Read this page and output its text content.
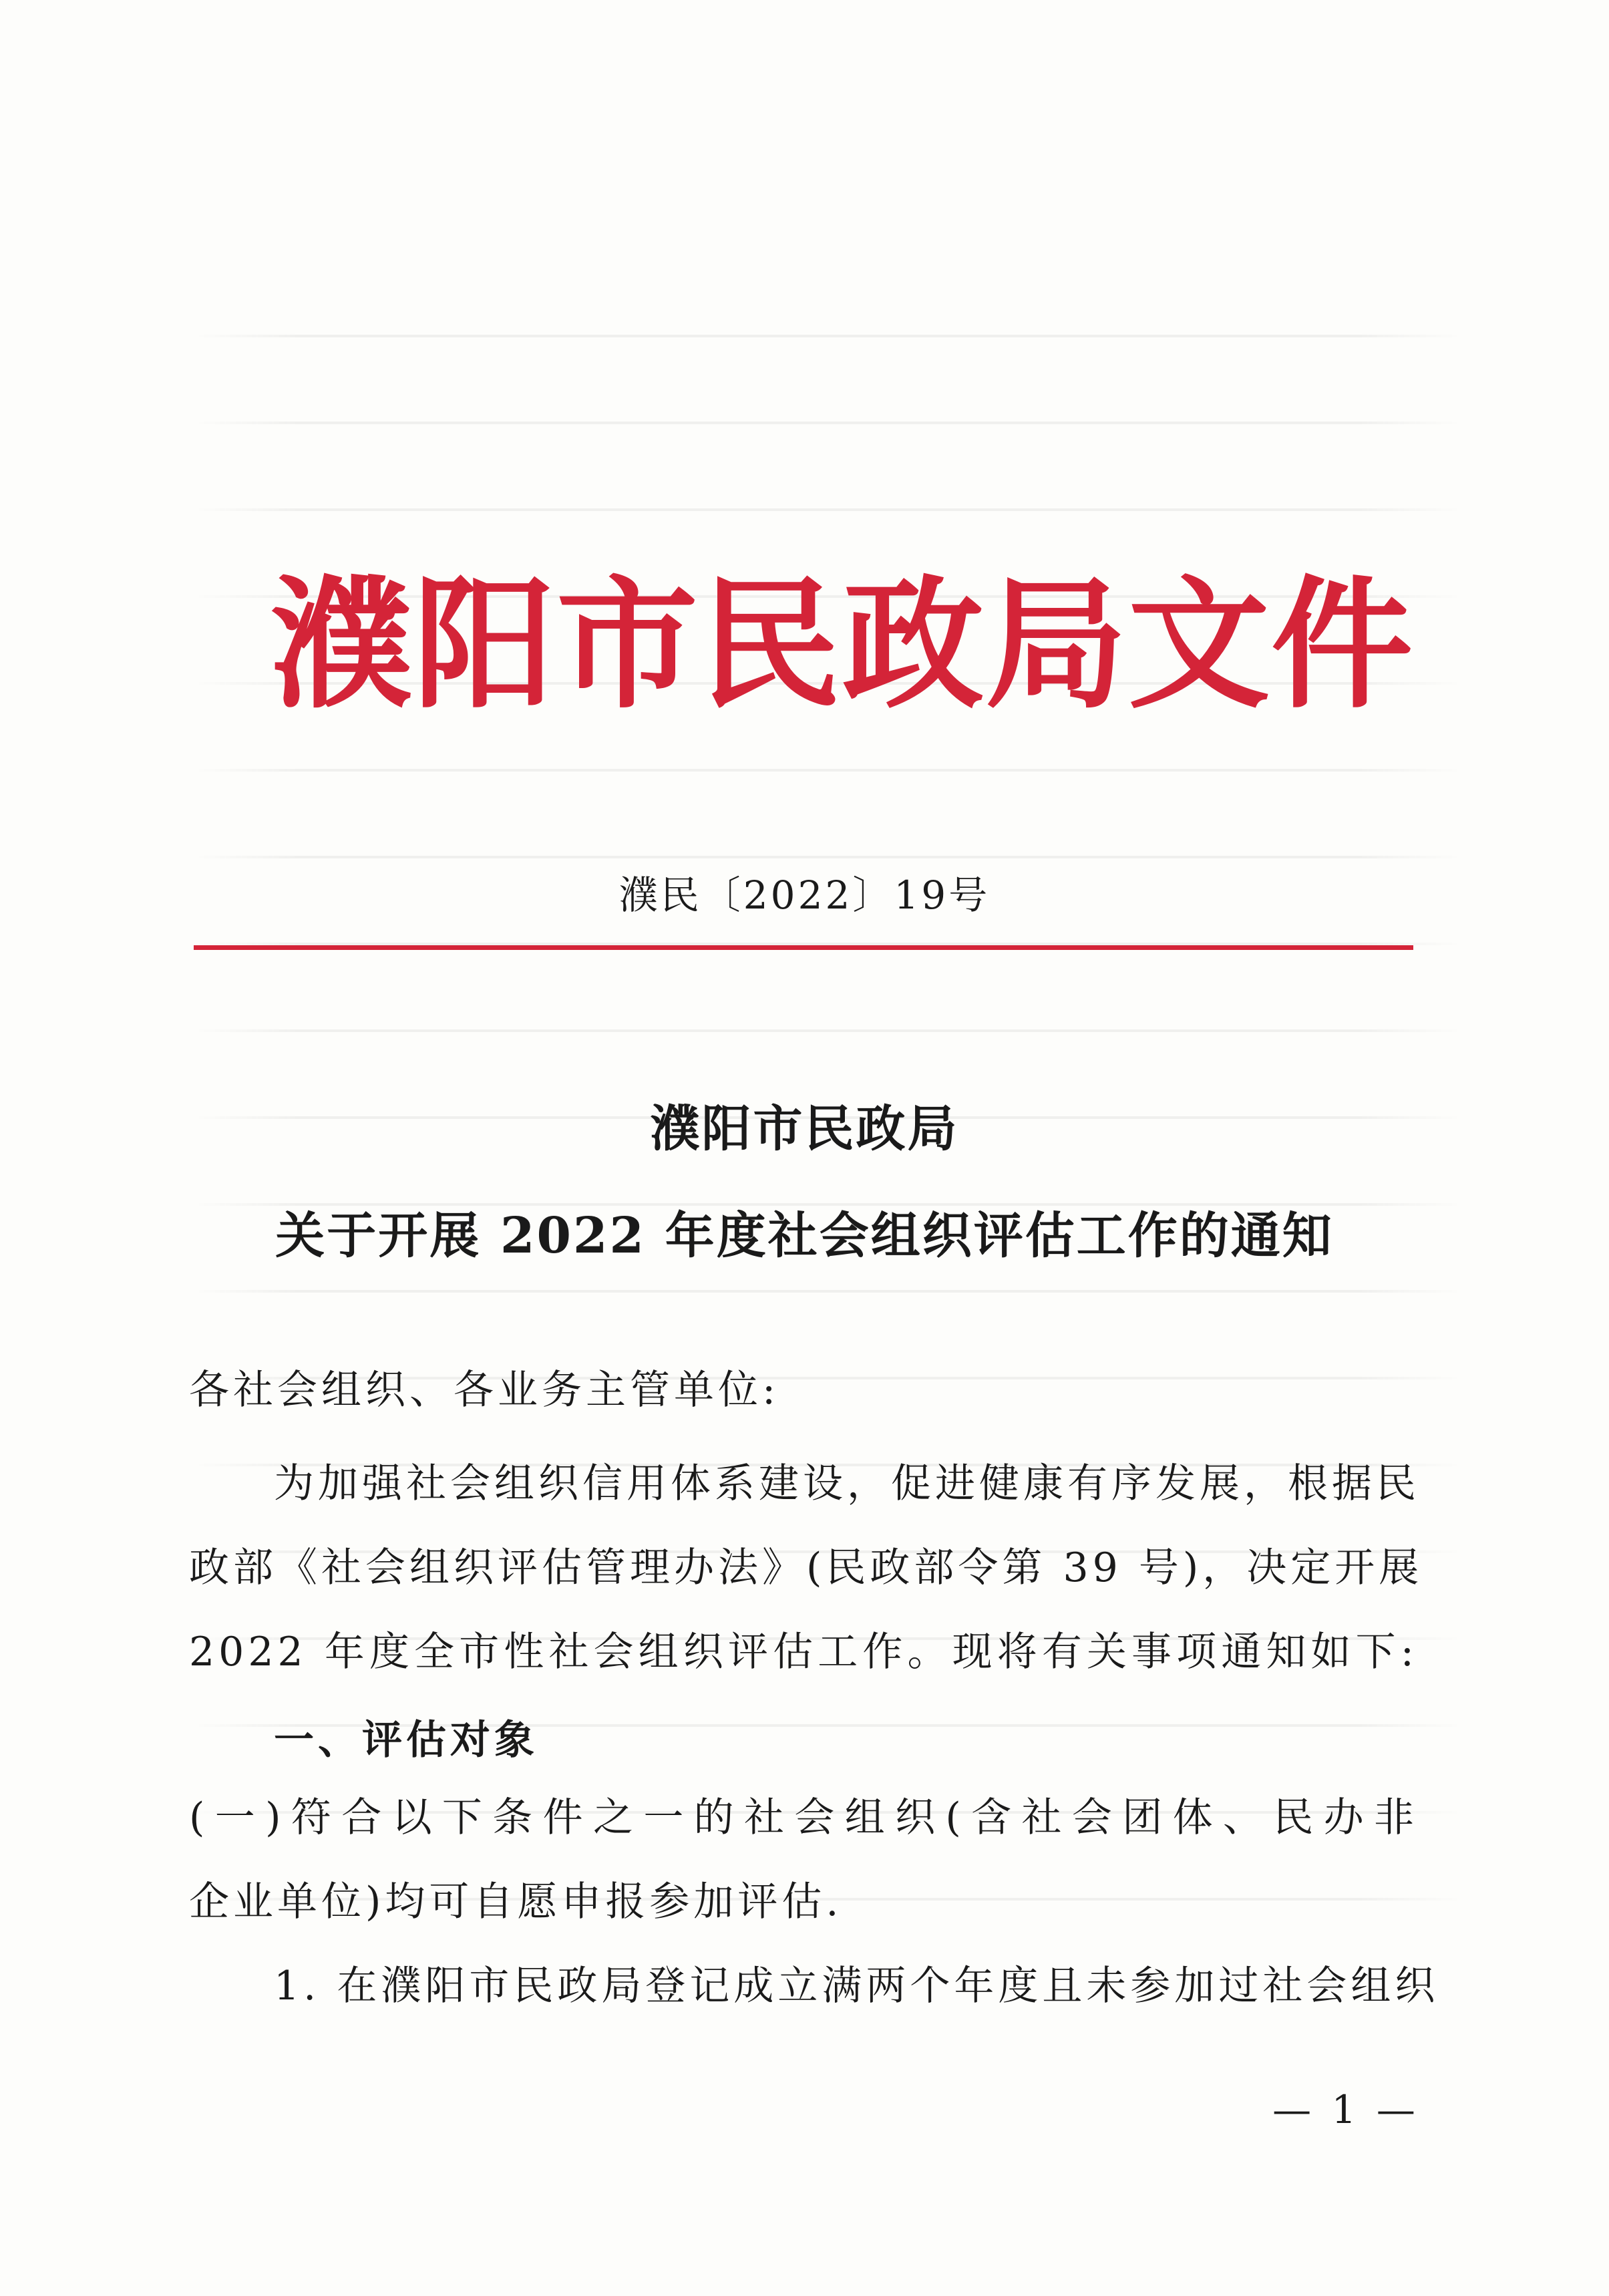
濮阳市民政局文件
濮民〔2022〕19号
濮阳市民政局
关于开展 2022 年度社会组织评估工作的通知
各社会组织、各业务主管单位:
为加强社会组织信用体系建设，促进健康有序发展，根据民
政部《社会组织评估管理办法》(民政部令第 39 号)，决定开展
2022 年度全市性社会组织评估工作。现将有关事项通知如下:
一、评估对象
(一)符合以下条件之一的社会组织(含社会团体、民办非
企业单位)均可自愿申报参加评估.
1. 在濮阳市民政局登记成立满两个年度且未参加过社会组织
— 1 —
